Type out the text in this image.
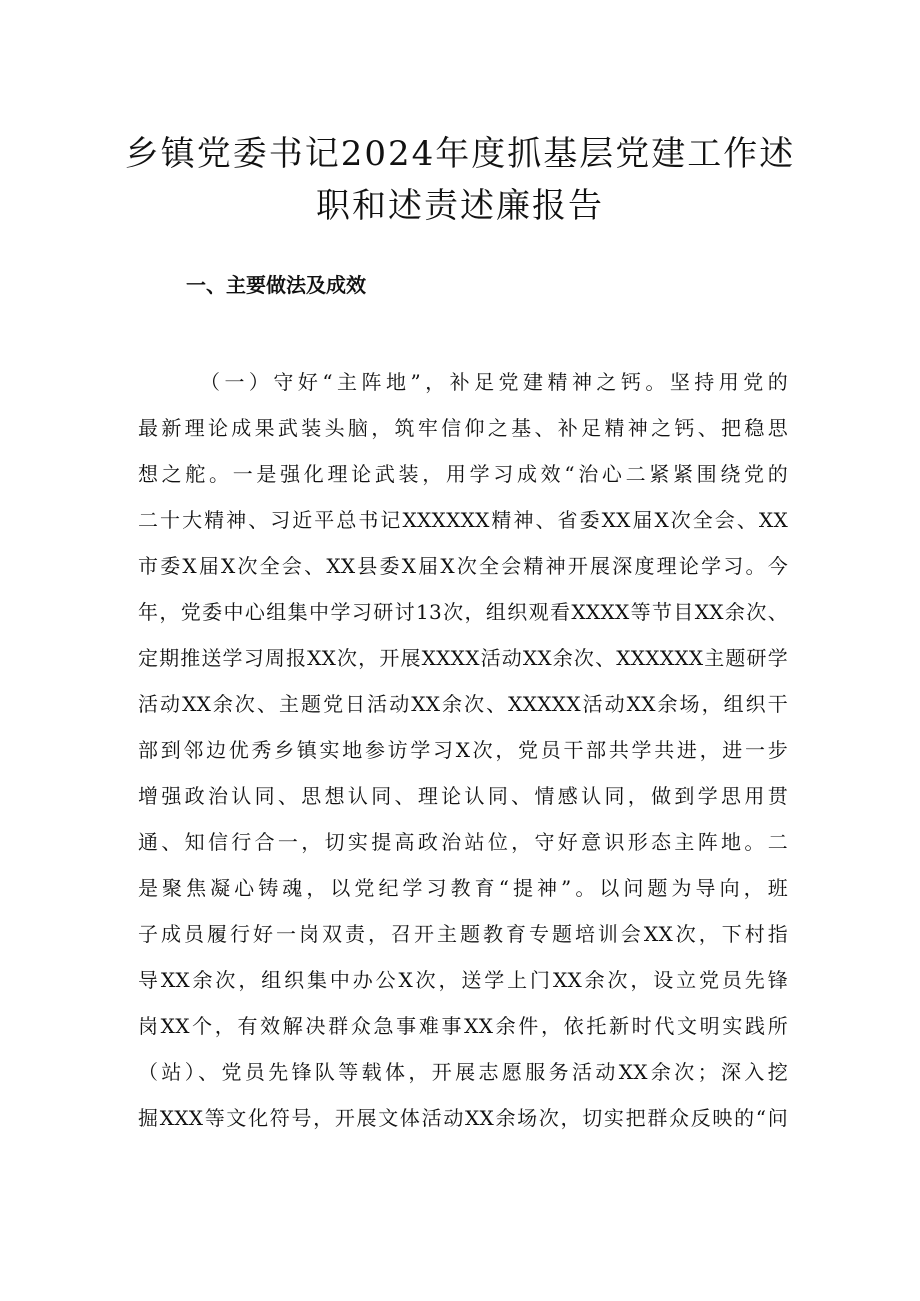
乡镇党委书记2024年度抓基层党建工作述
职和述责述廉报告
一、主要做法及成效
（一）守好“主阵地”，补足党建精神之钙。坚持用党的
最新理论成果武装头脑，筑牢信仰之基、补足精神之钙、把稳思
想之舵。一是强化理论武装，用学习成效“治心二紧紧围绕党的
二十大精神、习近平总书记XXXXXX精神、省委XX届X次全会、XX
市委X届X次全会、XX县委X届X次全会精神开展深度理论学习。今
年，党委中心组集中学习研讨13次，组织观看XXXX等节目XX余次、
定期推送学习周报XX次，开展XXXX活动XX余次、XXXXXX主题研学
活动XX余次、主题党日活动XX余次、XXXXX活动XX余场，组织干
部到邻边优秀乡镇实地参访学习X次，党员干部共学共进，进一步
增强政治认同、思想认同、理论认同、情感认同，做到学思用贯
通、知信行合一，切实提高政治站位，守好意识形态主阵地。二
是聚焦凝心铸魂，以党纪学习教育“提神”。以问题为导向，班
子成员履行好一岗双责，召开主题教育专题培训会XX次，下村指
导XX余次，组织集中办公X次，送学上门XX余次，设立党员先锋
岗XX个，有效解决群众急事难事XX余件，依托新时代文明实践所
（站）、党员先锋队等载体，开展志愿服务活动XX余次；深入挖
掘XXX等文化符号，开展文体活动XX余场次，切实把群众反映的“问
